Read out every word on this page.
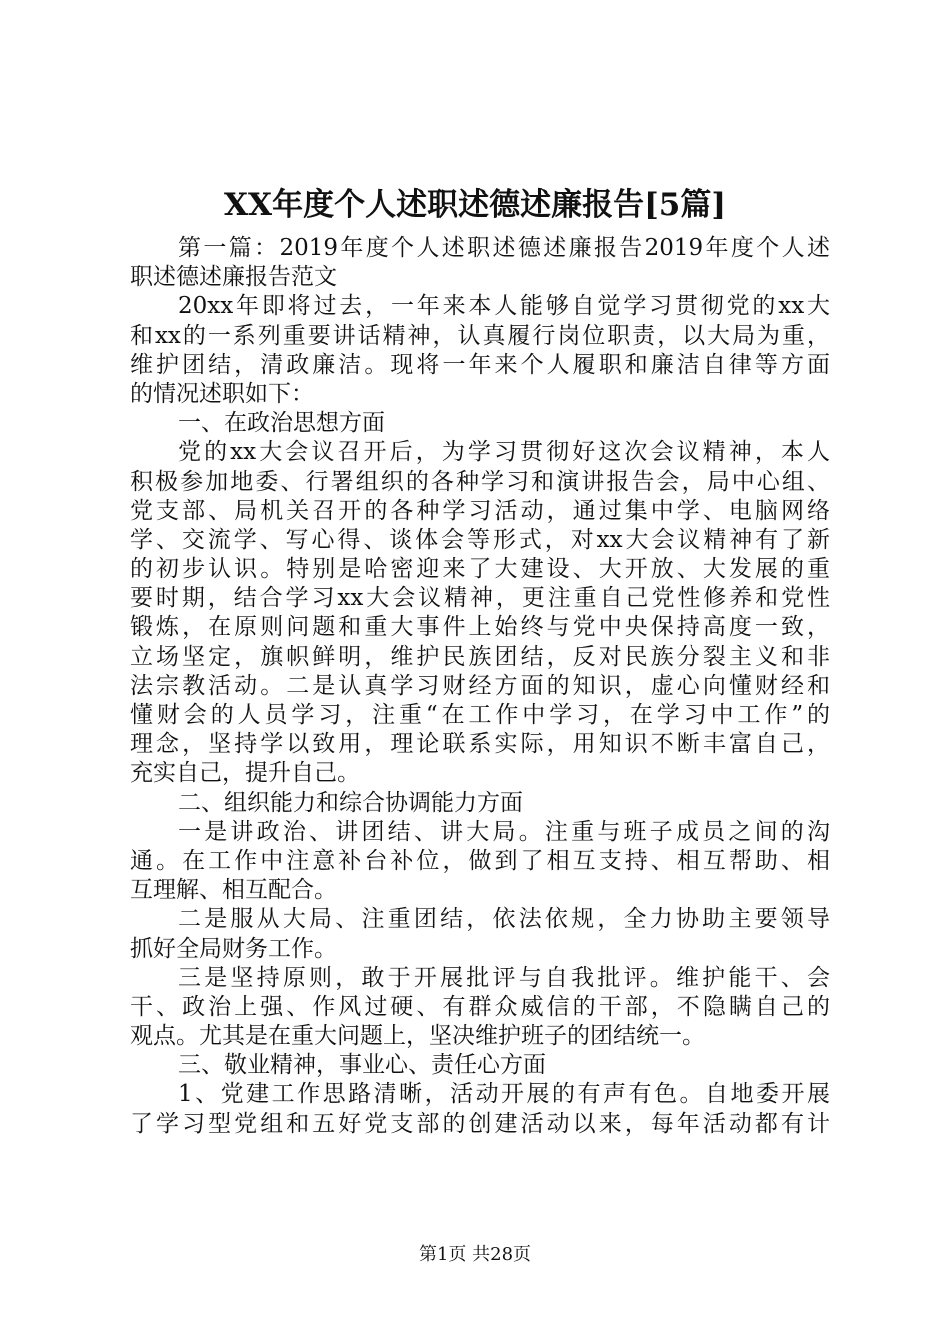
XX年度个人述职述德述廉报告[5篇]
第一篇：2019年度个人述职述德述廉报告2019年度个人述
职述德述廉报告范文
20xx年即将过去，一年来本人能够自觉学习贯彻党的xx大
和xx的一系列重要讲话精神，认真履行岗位职责，以大局为重，
维护团结，清政廉洁。现将一年来个人履职和廉洁自律等方面
的情况述职如下：
一、在政治思想方面
党的xx大会议召开后，为学习贯彻好这次会议精神，本人
积极参加地委、行署组织的各种学习和演讲报告会，局中心组、
党支部、局机关召开的各种学习活动，通过集中学、电脑网络
学、交流学、写心得、谈体会等形式，对xx大会议精神有了新
的初步认识。特别是哈密迎来了大建设、大开放、大发展的重
要时期，结合学习xx大会议精神，更注重自己党性修养和党性
锻炼，在原则问题和重大事件上始终与党中央保持高度一致，
立场坚定，旗帜鲜明，维护民族团结，反对民族分裂主义和非
法宗教活动。二是认真学习财经方面的知识，虚心向懂财经和
懂财会的人员学习，注重“在工作中学习，在学习中工作”的
理念，坚持学以致用，理论联系实际，用知识不断丰富自己，
充实自己，提升自己。
二、组织能力和综合协调能力方面
一是讲政治、讲团结、讲大局。注重与班子成员之间的沟
通。在工作中注意补台补位，做到了相互支持、相互帮助、相
互理解、相互配合。
二是服从大局、注重团结，依法依规，全力协助主要领导
抓好全局财务工作。
三是坚持原则，敢于开展批评与自我批评。维护能干、会
干、政治上强、作风过硬、有群众威信的干部，不隐瞒自己的
观点。尤其是在重大问题上，坚决维护班子的团结统一。
三、敬业精神，事业心、责任心方面
1、党建工作思路清晰，活动开展的有声有色。自地委开展
了学习型党组和五好党支部的创建活动以来，每年活动都有计
第1页 共28页
